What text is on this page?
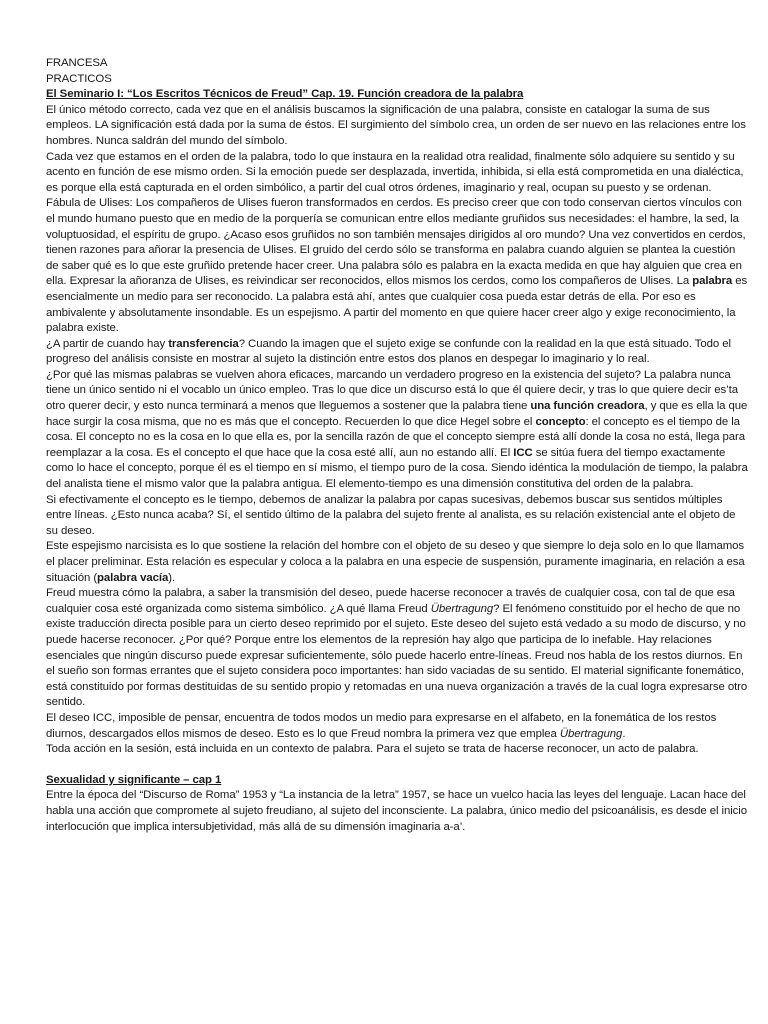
FRANCESA
PRACTICOS
El Seminario I: “Los Escritos Técnicos de Freud” Cap. 19. Función creadora de la palabra
El único método correcto, cada vez que en el análisis buscamos la significación de una palabra, consiste en catalogar la suma de sus empleos. LA significación está dada por la suma de éstos. El surgimiento del símbolo crea, un orden de ser nuevo en las relaciones entre los hombres. Nunca saldrán del mundo del símbolo.
Cada vez que estamos en el orden de la palabra, todo lo que instaura en la realidad otra realidad, finalmente sólo adquiere su sentido y su acento en función de ese mismo orden. Si la emoción puede ser desplazada, invertida, inhibida, si ella está comprometida en una dialéctica, es porque ella está capturada en el orden simbólico, a partir del cual otros órdenes, imaginario y real, ocupan su puesto y se ordenan.
Fábula de Ulises: Los compañeros de Ulises fueron transformados en cerdos. Es preciso creer que con todo conservan ciertos vínculos con el mundo humano puesto que en medio de la porquería se comunican entre ellos mediante gruñidos sus necesidades: el hambre, la sed, la voluptuosidad, el espíritu de grupo. ¿Acaso esos gruñidos no son también mensajes dirigidos al oro mundo? Una vez convertidos en cerdos, tienen razones para añorar la presencia de Ulises. El gruido del cerdo sólo se transforma en palabra cuando alguien se plantea la cuestión de saber qué es lo que este gruñido pretende hacer creer. Una palabra sólo es palabra en la exacta medida en que hay alguien que crea en ella. Expresar la añoranza de Ulises, es reivindicar ser reconocidos, ellos mismos los cerdos, como los compañeros de Ulises. La palabra es esencialmente un medio para ser reconocido. La palabra está ahí, antes que cualquier cosa pueda estar detrás de ella. Por eso es ambivalente y absolutamente insondable. Es un espejismo. A partir del momento en que quiere hacer creer algo y exige reconocimiento, la palabra existe.
¿A partir de cuando hay transferencia? Cuando la imagen que el sujeto exige se confunde con la realidad en la que está situado. Todo el progreso del análisis consiste en mostrar al sujeto la distinción entre estos dos planos en despegar lo imaginario y lo real.
¿Por qué las mismas palabras se vuelven ahora eficaces, marcando un verdadero progreso en la existencia del sujeto? La palabra nunca tiene un único sentido ni el vocablo un único empleo. Tras lo que dice un discurso está lo que él quiere decir, y tras lo que quiere decir es’ta otro querer decir, y esto nunca terminará a menos que lleguemos a sostener que la palabra tiene una función creadora, y que es ella la que hace surgir la cosa misma, que no es más que el concepto. Recuerden lo que dice Hegel sobre el concepto: el concepto es el tiempo de la cosa. El concepto no es la cosa en lo que ella es, por la sencilla razón de que el concepto siempre está allí donde la cosa no está, llega para reemplazar a la cosa. Es el concepto el que hace que la cosa esté allí, aun no estando allí. El ICC se sitúa fuera del tiempo exactamente como lo hace el concepto, porque él es el tiempo en sí mismo, el tiempo puro de la cosa. Siendo idéntica la modulación de tiempo, la palabra del analista tiene el mismo valor que la palabra antigua. El elemento-tiempo es una dimensión constitutiva del orden de la palabra.
Si efectivamente el concepto es le tiempo, debemos de analizar la palabra por capas sucesivas, debemos buscar sus sentidos múltiples entre líneas. ¿Esto nunca acaba? Sí, el sentido último de la palabra del sujeto frente al analista, es su relación existencial ante el objeto de su deseo.
Este espejismo narcisista es lo que sostiene la relación del hombre con el objeto de su deseo y que siempre lo deja solo en lo que llamamos el placer preliminar. Esta relación es especular y coloca a la palabra en una especie de suspensión, puramente imaginaria, en relación a esa situación (palabra vacía).
Freud muestra cómo la palabra, a saber la transmisión del deseo, puede hacerse reconocer a través de cualquier cosa, con tal de que esa cualquier cosa esté organizada como sistema simbólico. ¿A qué llama Freud Übertragung? El fenómeno constituido por el hecho de que no existe traducción directa posible para un cierto deseo reprimido por el sujeto. Este deseo del sujeto está vedado a su modo de discurso, y no puede hacerse reconocer. ¿Por qué? Porque entre los elementos de la represión hay algo que participa de lo inefable. Hay relaciones esenciales que ningún discurso puede expresar suficientemente, sólo puede hacerlo entre-líneas. Freud nos habla de los restos diurnos. En el sueño son formas errantes que el sujeto considera poco importantes: han sido vaciadas de su sentido. El material significante fonemático, está constituido por formas destituidas de su sentido propio y retomadas en una nueva organización a través de la cual logra expresarse otro sentido.
El deseo ICC, imposible de pensar, encuentra de todos modos un medio para expresarse en el alfabeto, en la fonemática de los restos diurnos, descargados ellos mismos de deseo. Esto es lo que Freud nombra la primera vez que emplea Übertragung.
Toda acción en la sesión, está incluida en un contexto de palabra. Para el sujeto se trata de hacerse reconocer, un acto de palabra.
Sexualidad y significante – cap 1
Entre la época del “Discurso de Roma” 1953 y “La instancia de la letra” 1957, se hace un vuelco hacia las leyes del lenguaje. Lacan hace del habla una acción que compromete al sujeto freudiano, al sujeto del inconsciente. La palabra, único medio del psicoanálisis, es desde el inicio interlocución que implica intersubjetividad, más allá de su dimensión imaginaria a-a’.
